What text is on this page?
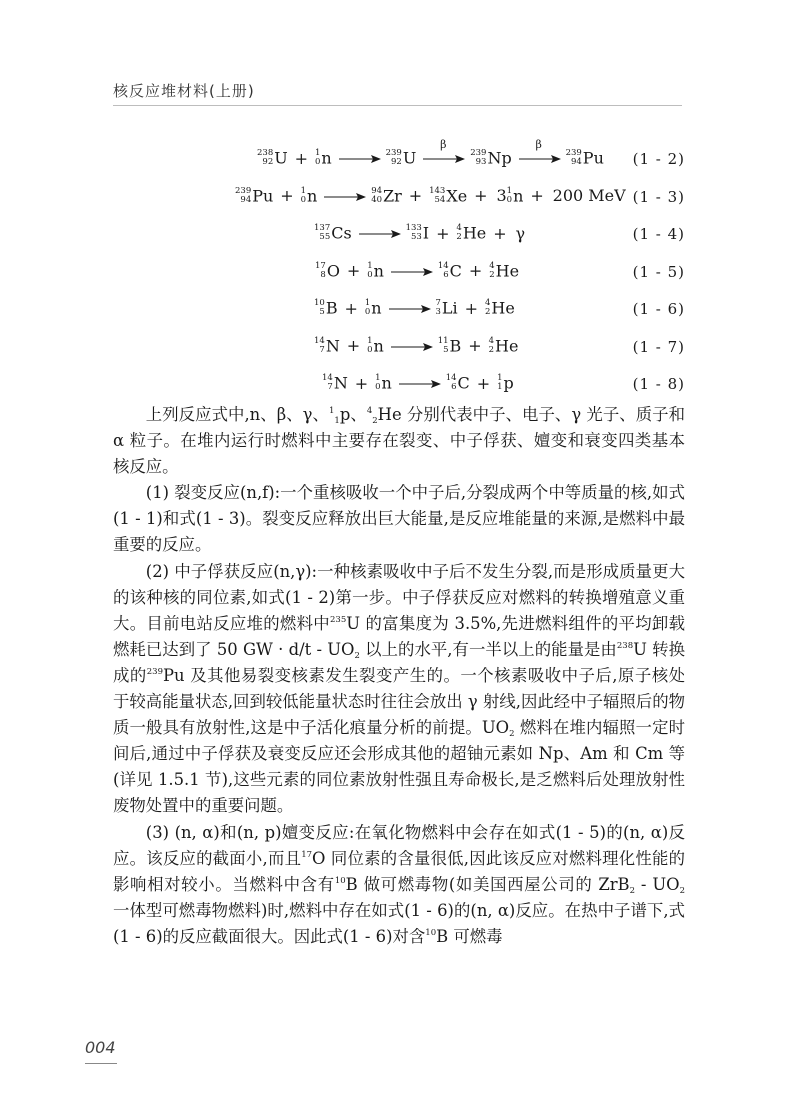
核反应堆材料(上册)
238
92 U + 1
0 n → 239
92 U
β

239
93 Np
β

239
94 Pu (1 - 2)
239
94 Pu + 1
0 n → 94
40 Zr + 143
54 Xe + 3 1
0 n + 200 MeV (1 - 3)
137
55 Cs → 133
53 I + 4
2 He + γ	(1 - 4)
17
8 O + 1
0 n → 14
6 C + 4
2 He	(1 - 5)
10
5 B + 1
0 n → 7
3 Li + 4
2 He	(1 - 6)
14
7 N + 1
0 n → 11
5 B + 4
2 He	(1 - 7)
14
7 N + 1
0 n → 14
6 C + 1
1 p	(1 - 8)

上列反应式中,n、β、γ、$^1_1$p、$^4_2$He 分别代表中子、电子、γ 光子、质子和 α 粒子。在堆内运行时燃料中主要存在裂变、中子俘获、嬗变和衰变四类基本核反应。

(1) 裂变反应(n,f):一个重核吸收一个中子后,分裂成两个中等质量的核,如式(1 - 1)和式(1 - 3)。裂变反应释放出巨大能量,是反应堆能量的来源,是燃料中最重要的反应。

(2) 中子俘获反应(n,γ):一种核素吸收中子后不发生分裂,而是形成质量更大的该种核的同位素,如式(1 - 2)第一步。中子俘获反应对燃料的转换增殖意义重大。目前电站反应堆的燃料中$^{235}$U 的富集度为 3.5%,先进燃料组件的平均卸载燃耗已达到了 50 GW · $d/t - UO_2$ 以上的水平,有一半以上的能量是由$^{238}$U 转换成的$^{239}$Pu 及其他易裂变核素发生裂变产生的。一个核素吸收中子后,原子核处于较高能量状态,回到较低能量状态时往往会放出 γ 射线,因此经中子辐照后的物质一般具有放射性,这是中子活化痕量分析的前提。$UO_2$ 燃料在堆内辐照一定时间后,通过中子俘获及衰变反应还会形成其他的超铀元素如 Np、Am 和 Cm 等(详见 1.5.1 节),这些元素的同位素放射性强且寿命极长,是乏燃料后处理放射性废物处置中的重要问题。

(3) (n, α)和(n, p)嬗变反应:在氧化物燃料中会存在如式(1 - 5)的(n, α)反应。该反应的截面小,而且$^{17}$O 同位素的含量很低,因此该反应对燃料理化性能的影响相对较小。当燃料中含有$^{10}$B 做可燃毒物(如美国西屋公司的 $ZrB_2 - UO_2$ 一体型可燃毒物燃料)时,燃料中存在如式(1 - 6)的(n, α)反应。在热中子谱下,式(1 - 6)的反应截面很大。因此式(1 - 6)对含$^{10}$B 可燃毒

004
